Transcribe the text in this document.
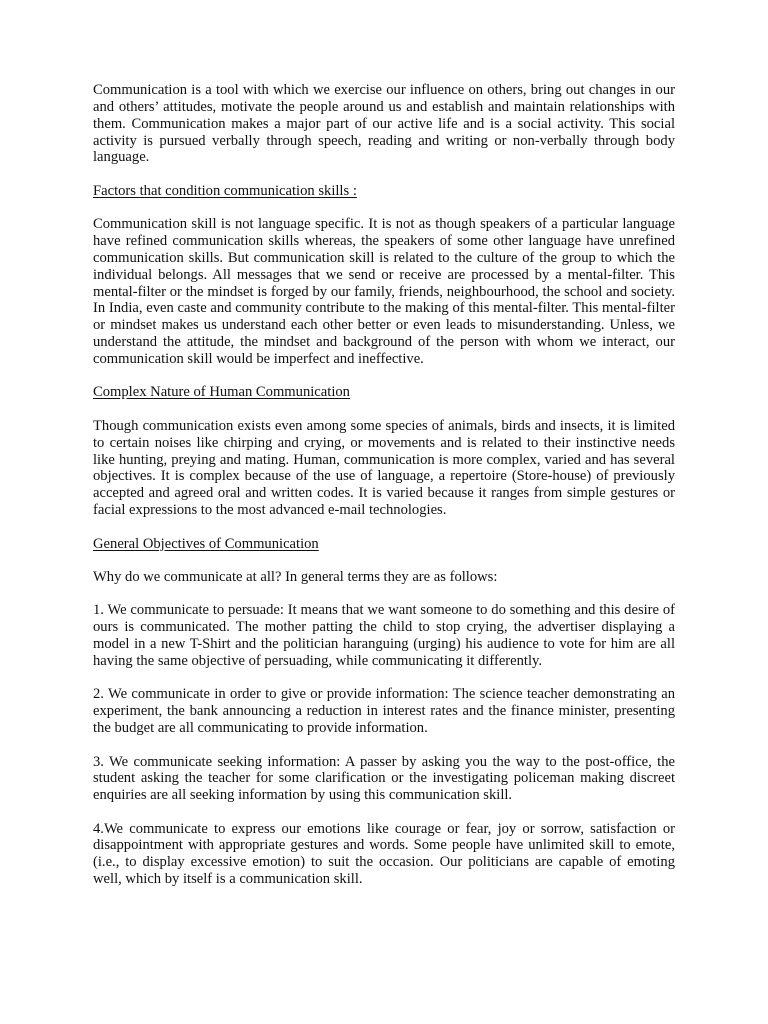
Communication is a tool with which we exercise our influence on others, bring out changes in our and others’ attitudes, motivate the people around us and establish and maintain relationships with them. Communication makes a major part of our active life and is a social activity. This social activity is pursued verbally through speech, reading and writing or non-verbally through body language.

Factors that condition communication skills :

Communication skill is not language specific. It is not as though speakers of a particular language have refined communication skills whereas, the speakers of some other language have unrefined communication skills. But communication skill is related to the culture of the group to which the individual belongs. All messages that we send or receive are processed by a mental-filter. This mental-filter or the mindset is forged by our family, friends, neighbourhood, the school and society. In India, even caste and community contribute to the making of this mental-filter. This mental-filter or mindset makes us understand each other better or even leads to misunderstanding. Unless, we understand the attitude, the mindset and background of the person with whom we interact, our communication skill would be imperfect and ineffective.

Complex Nature of Human Communication

Though communication exists even among some species of animals, birds and insects, it is limited to certain noises like chirping and crying, or movements and is related to their instinctive needs like hunting, preying and mating. Human, communication is more complex, varied and has several objectives. It is complex because of the use of language, a repertoire (Store-house) of previously accepted and agreed oral and written codes. It is varied because it ranges from simple gestures or facial expressions to the most advanced e-mail technologies.

General Objectives of Communication

Why do we communicate at all? In general terms they are as follows:

1. We communicate to persuade: It means that we want someone to do something and this desire of ours is communicated. The mother patting the child to stop crying, the advertiser displaying a model in a new T-Shirt and the politician haranguing (urging) his audience to vote for him are all having the same objective of persuading, while communicating it differently.

2. We communicate in order to give or provide information: The science teacher demonstrating an experiment, the bank announcing a reduction in interest rates and the finance minister, presenting the budget are all communicating to provide information.

3. We communicate seeking information: A passer by asking you the way to the post-office, the student asking the teacher for some clarification or the investigating policeman making discreet enquiries are all seeking information by using this communication skill.

4.We communicate to express our emotions like courage or fear, joy or sorrow, satisfaction or disappointment with appropriate gestures and words. Some people have unlimited skill to emote, (i.e., to display excessive emotion) to suit the occasion. Our politicians are capable of emoting well, which by itself is a communication skill.
